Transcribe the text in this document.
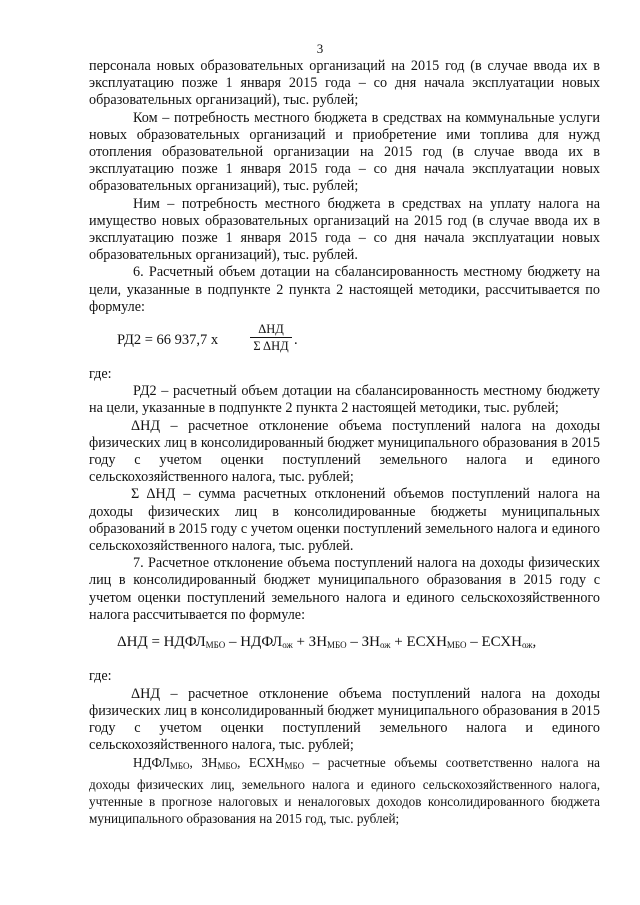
3

персонала новых образовательных организаций на 2015 год (в случае ввода их в эксплуатацию позже 1 января 2015 года – со дня начала эксплуатации новых образовательных организаций), тыс. рублей;

Ком – потребность местного бюджета в средствах на коммунальные услуги новых образовательных организаций и приобретение ими топлива для нужд отопления образовательной организации на 2015 год (в случае ввода их в эксплуатацию позже 1 января 2015 года – со дня начала эксплуатации новых образовательных организаций), тыс. рублей;

Ним – потребность местного бюджета в средствах на уплату налога на имущество новых образовательных организаций на 2015 год (в случае ввода их в эксплуатацию позже 1 января 2015 года – со дня начала эксплуатации новых образовательных организаций), тыс. рублей.

6. Расчетный объем дотации на сбалансированность местному бюджету на цели, указанные в подпункте 2 пункта 2 настоящей методики, рассчитывается по формуле:

РД2 = 66 937,7 х
ΔНД
Σ ΔНД .

где:

РД2 – расчетный объем дотации на сбалансированность местному бюджету на цели, указанные в подпункте 2 пункта 2 настоящей методики, тыс. рублей;

ΔНД – расчетное отклонение объема поступлений налога на доходы физических лиц в консолидированный бюджет муниципального образования в 2015 году с учетом оценки поступлений земельного налога и единого сельскохозяйственного налога, тыс. рублей;

Σ ΔНД – сумма расчетных отклонений объемов поступлений налога на доходы физических лиц в консолидированные бюджеты муниципальных образований в 2015 году с учетом оценки поступлений земельного налога и единого сельскохозяйственного налога, тыс. рублей.

7. Расчетное отклонение объема поступлений налога на доходы физических лиц в консолидированный бюджет муниципального образования в 2015 году с учетом оценки поступлений земельного налога и единого сельскохозяйственного налога рассчитывается по формуле:

$\Delta НД = НДФЛ_{МБО}$ – $НДФЛ_{ож} + ЗН_{МБО} - ЗН_{ож}$ + $ЕСХН_{МБО}$ – $ЕСХН_{ож}$,

где:

ΔНД – расчетное отклонение объема поступлений налога на доходы физических лиц в консолидированный бюджет муниципального образования в 2015 году с учетом оценки поступлений земельного налога и единого сельскохозяйственного налога, тыс. рублей;

$НДФЛ_{МБО}$, $ЗН_{МБО}$, $ЕСХН_{МБО}$ – расчетные объемы соответственно налога на доходы физических лиц, земельного налога и единого сельскохозяйственного налога, учтенные в прогнозе налоговых и неналоговых доходов консолидированного бюджета муниципального образования на 2015 год, тыс. рублей;
